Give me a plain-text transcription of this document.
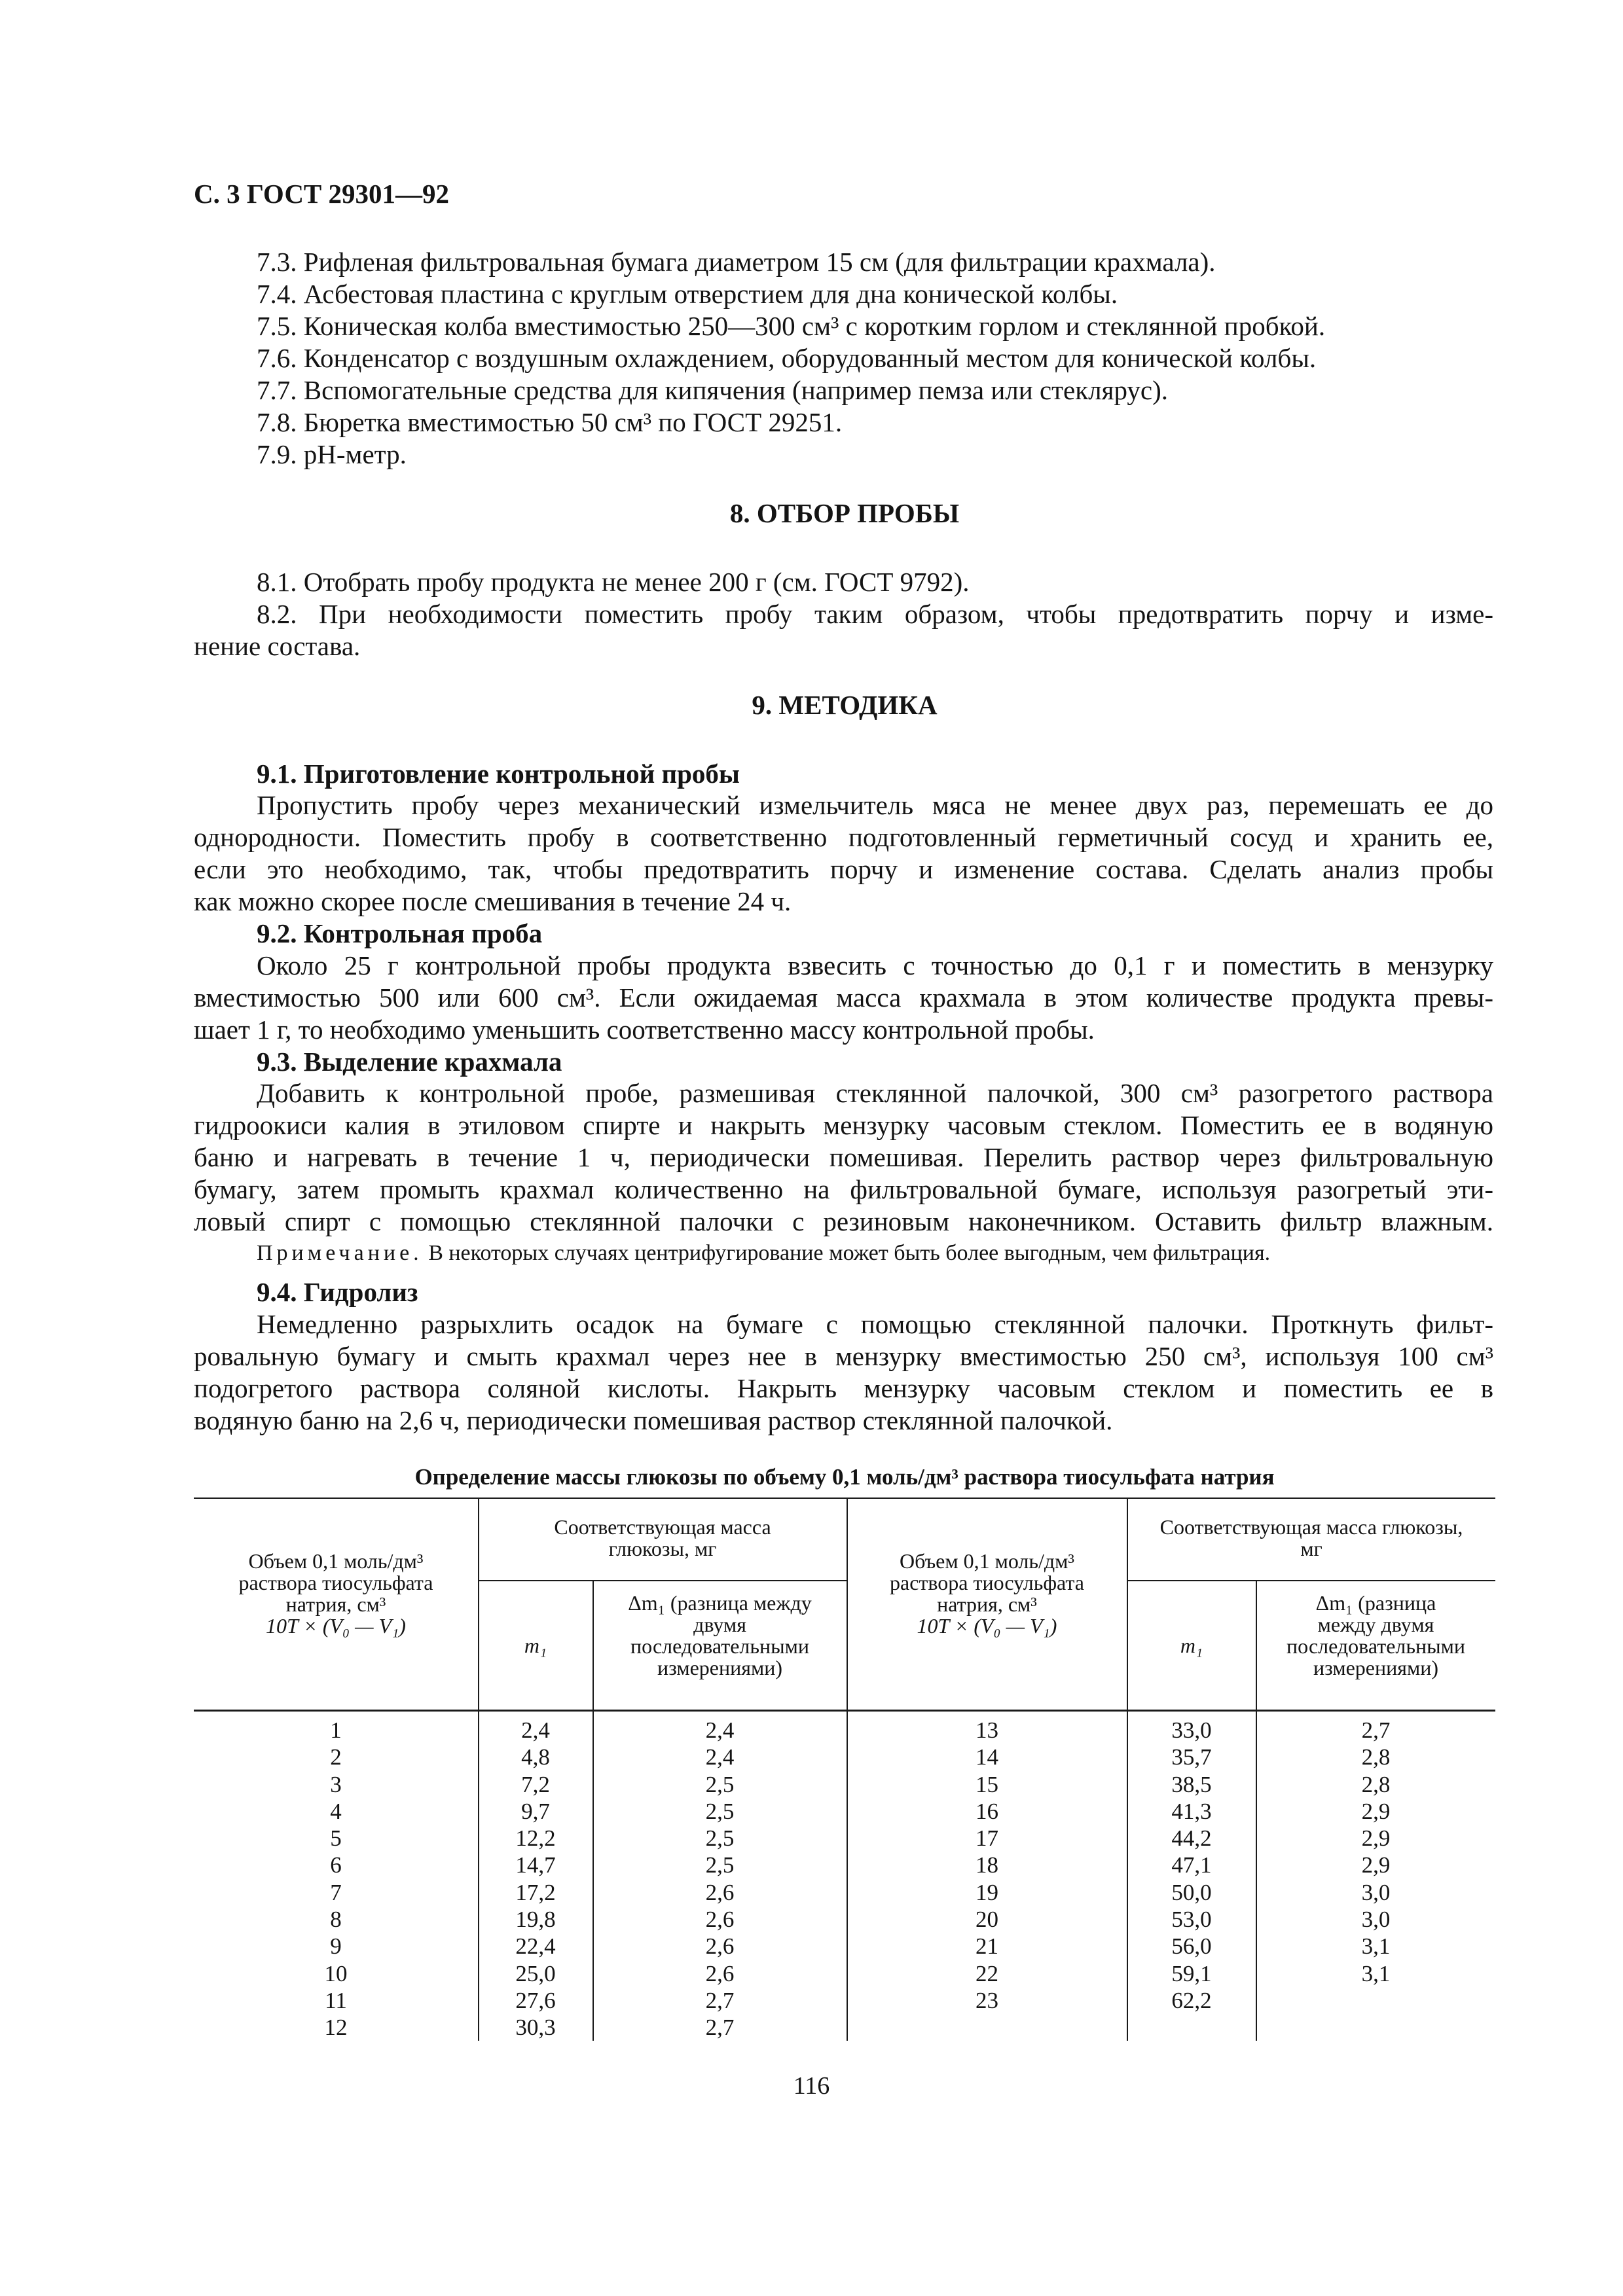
С. 3 ГОСТ 29301—92
7.3. Рифленая фильтровальная бумага диаметром 15 см (для фильтрации крахмала).
7.4. Асбестовая пластина с круглым отверстием для дна конической колбы.
7.5. Коническая колба вместимостью 250—300 см³ с коротким горлом и стеклянной пробкой.
7.6. Конденсатор с воздушным охлаждением, оборудованный местом для конической колбы.
7.7. Вспомогательные средства для кипячения (например пемза или стеклярус).
7.8. Бюретка вместимостью 50 см³ по ГОСТ 29251.
7.9. рН-метр.
8. ОТБОР ПРОБЫ
8.1. Отобрать пробу продукта не менее 200 г (см. ГОСТ 9792).
8.2. При необходимости поместить пробу таким образом, чтобы предотвратить порчу и изме-
нение состава.
9. МЕТОДИКА
9.1. Приготовление контрольной пробы
Пропустить пробу через механический измельчитель мяса не менее двух раз, перемешать ее до
однородности. Поместить пробу в соответственно подготовленный герметичный сосуд и хранить ее,
если это необходимо, так, чтобы предотвратить порчу и изменение состава. Сделать анализ пробы
как можно скорее после смешивания в течение 24 ч.
9.2. Контрольная проба
Около 25 г контрольной пробы продукта взвесить с точностью до 0,1 г и поместить в мензурку
вместимостью 500 или 600 см³. Если ожидаемая масса крахмала в этом количестве продукта превы-
шает 1 г, то необходимо уменьшить соответственно массу контрольной пробы.
9.3. Выделение крахмала
Добавить к контрольной пробе, размешивая стеклянной палочкой, 300 см³ разогретого раствора
гидроокиси калия в этиловом спирте и накрыть мензурку часовым стеклом. Поместить ее в водяную
баню и нагревать в течение 1 ч, периодически помешивая. Перелить раствор через фильтровальную
бумагу, затем промыть крахмал количественно на фильтровальной бумаге, используя разогретый эти-
ловый спирт с помощью стеклянной палочки с резиновым наконечником. Оставить фильтр влажным.
Примечание. В некоторых случаях центрифугирование может быть более выгодным, чем фильтрация.
9.4. Гидролиз
Немедленно разрыхлить осадок на бумаге с помощью стеклянной палочки. Проткнуть фильт-
ровальную бумагу и смыть крахмал через нее в мензурку вместимостью 250 см³, используя 100 см³
подогретого раствора соляной кислоты. Накрыть мензурку часовым стеклом и поместить ее в
водяную баню на 2,6 ч, периодически помешивая раствор стеклянной палочкой.
Определение массы глюкозы по объему 0,1 моль/дм³ раствора тиосульфата натрия
Объем 0,1 моль/дм³
раствора тиосульфата
натрия, см³
10T × (V₀ — V₁)
Соответствующая масса
глюкозы, мг
m₁
Δm₁ (разница между
двумя
последовательными
измерениями)
Объем 0,1 моль/дм³
раствора тиосульфата
натрия, см³
10T × (V₀ — V₁)
Соответствующая масса глюкозы,
мг
m₁
Δm₁ (разница
между двумя
последовательными
измерениями)
1
2
3
4
5
6
7
8
9
10
11
12
2,4
4,8
7,2
9,7
12,2
14,7
17,2
19,8
22,4
25,0
27,6
30,3
2,4
2,4
2,5
2,5
2,5
2,5
2,6
2,6
2,6
2,6
2,7
2,7
13
14
15
16
17
18
19
20
21
22
23
33,0
35,7
38,5
41,3
44,2
47,1
50,0
53,0
56,0
59,1
62,2
2,7
2,8
2,8
2,9
2,9
2,9
3,0
3,0
3,1
3,1
116
